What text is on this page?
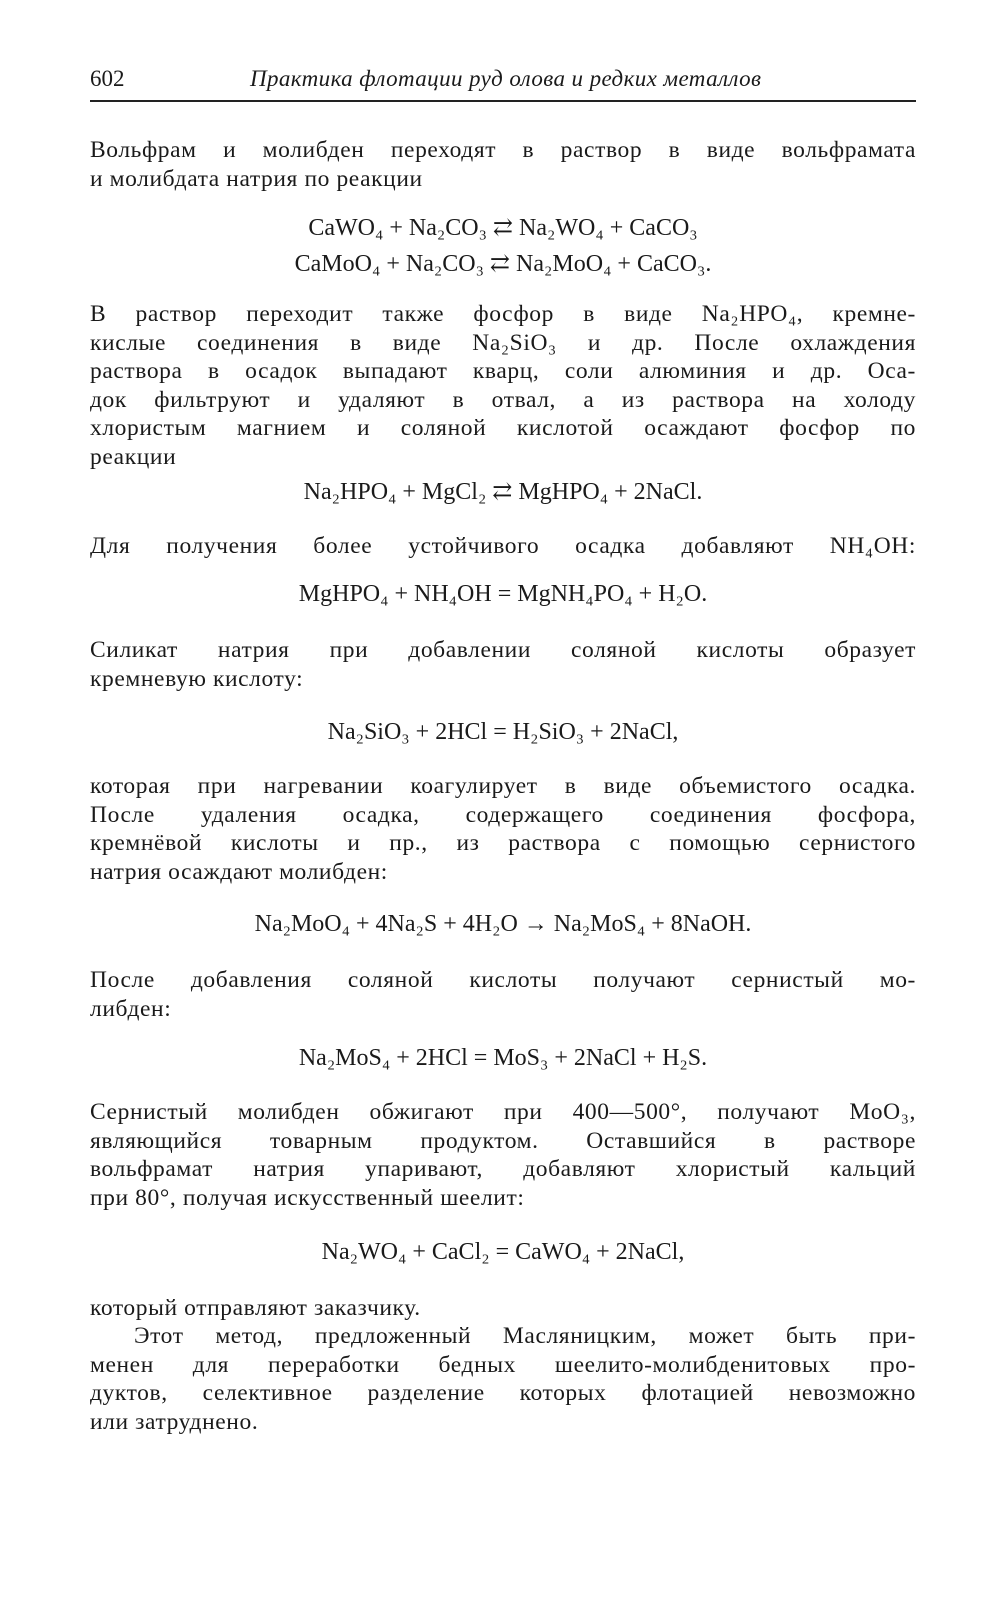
602	Практика флотации руд олова и редких металлов
Вольфрам и молибден переходят в раствор в виде вольфрамата
и молибдата натрия по реакции
CaWO₄ + Na₂CO₃ ⇄ Na₂WO₄ + CaCO₃
CaMoO₄ + Na₂CO₃ ⇄ Na₂MoO₄ + CaCO₃.
В раствор переходит также фосфор в виде Na₂HPO₄, кремне-
кислые соединения в виде Na₂SiO₃ и др. После охлаждения
раствора в осадок выпадают кварц, соли алюминия и др. Оса-
док фильтруют и удаляют в отвал, а из раствора на холоду
хлористым магнием и соляной кислотой осаждают фосфор по
реакции
Na₂HPO₄ + MgCl₂ ⇄ MgHPO₄ + 2NaCl.
Для получения более устойчивого осадка добавляют NH₄OH:
MgHPO₄ + NH₄OH = MgNH₄PO₄ + H₂O.
Силикат натрия при добавлении соляной кислоты образует
кремневую кислоту:
Na₂SiO₃ + 2HCl = H₂SiO₃ + 2NaCl,
которая при нагревании коагулирует в виде объемистого осадка.
После удаления осадка, содержащего соединения фосфора,
кремнёвой кислоты и пр., из раствора с помощью сернистого
натрия осаждают молибден:
Na₂MoO₄ + 4Na₂S + 4H₂O → Na₂MoS₄ + 8NaOH.
После добавления соляной кислоты получают сернистый мо-
либден:
Na₂MoS₄ + 2HCl = MoS₃ + 2NaCl + H₂S.
Сернистый молибден обжигают при 400—500°, получают MoO₃,
являющийся товарным продуктом. Оставшийся в растворе
вольфрамат натрия упаривают, добавляют хлористый кальций
при 80°, получая искусственный шеелит:
Na₂WO₄ + CaCl₂ = CaWO₄ + 2NaCl,
который отправляют заказчику.
Этот метод, предложенный Масляницким, может быть при-
менен для переработки бедных шеелито-молибденитовых про-
дуктов, селективное разделение которых флотацией невозможно
или затруднено.
